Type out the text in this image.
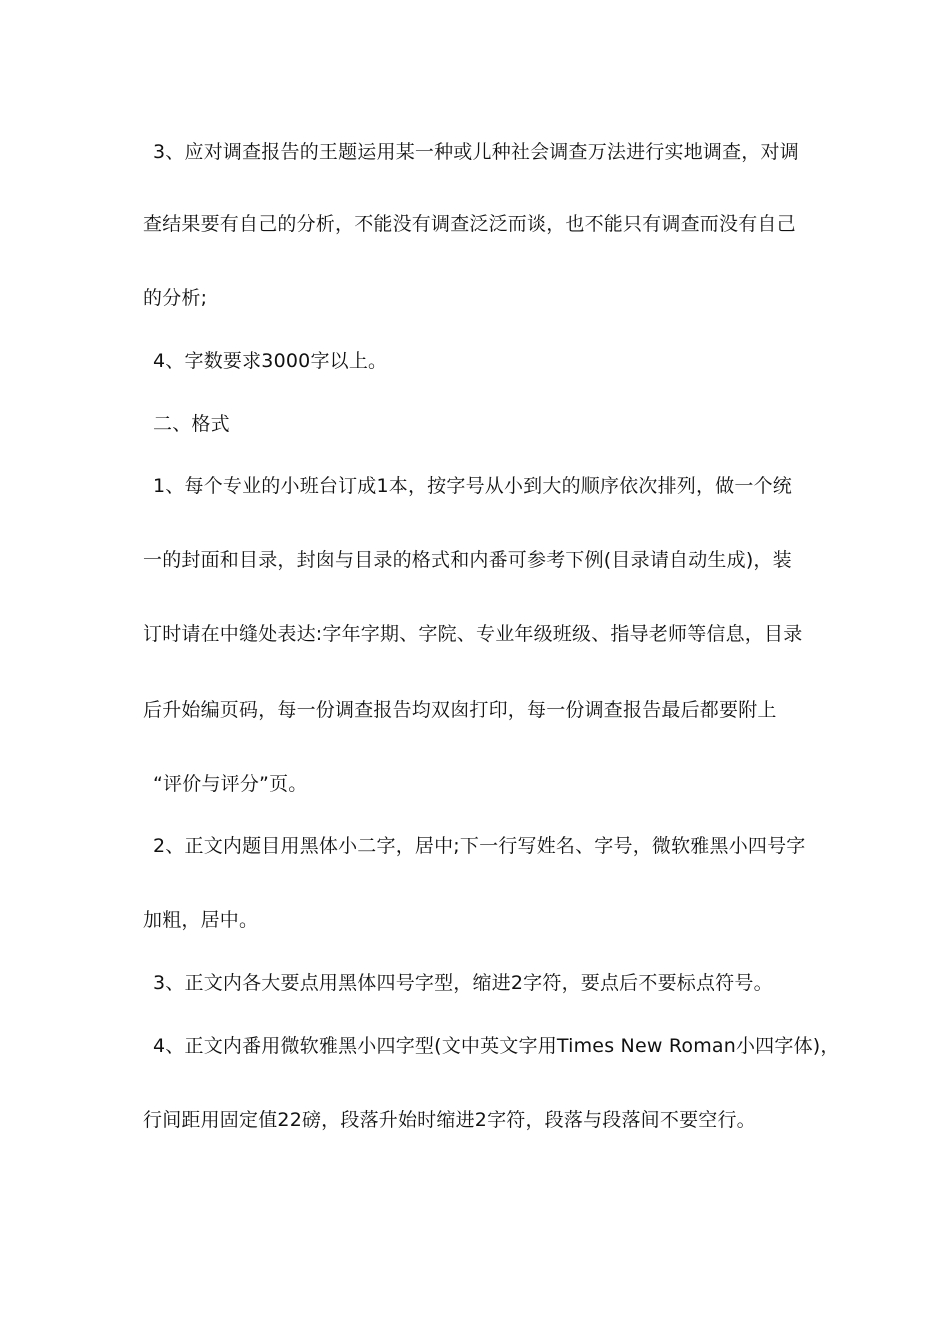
3、应对调查报告的王题运用某一种或儿种社会调查万法进行实地调查，对调
查结果要有自己的分析，不能没有调查泛泛而谈，也不能只有调查而没有自己
的分析;
4、字数要求3000字以上。
二、格式
1、每个专业的小班台订成1本，按字号从小到大的顺序依次排列，做一个统
一的封面和目录，封囱与目录的格式和内番可参考下例(目录请自动生成)，装
订时请在中缝处表达:字年字期、字院、专业年级班级、指导老师等信息，目录
后升始编页码，每一份调查报告均双囱打印，每一份调查报告最后都要附上
“评价与评分”页。
2、正文内题目用黑体小二字，居中;下一行写姓名、字号，微软雅黑小四号字
加粗，居中。
3、正文内各大要点用黑体四号字型，缩进2字符，要点后不要标点符号。
4、正文内番用微软雅黑小四字型(文中英文字用Times New Roman小四字体)，
行间距用固定值22磅，段落升始时缩进2字符，段落与段落间不要空行。
